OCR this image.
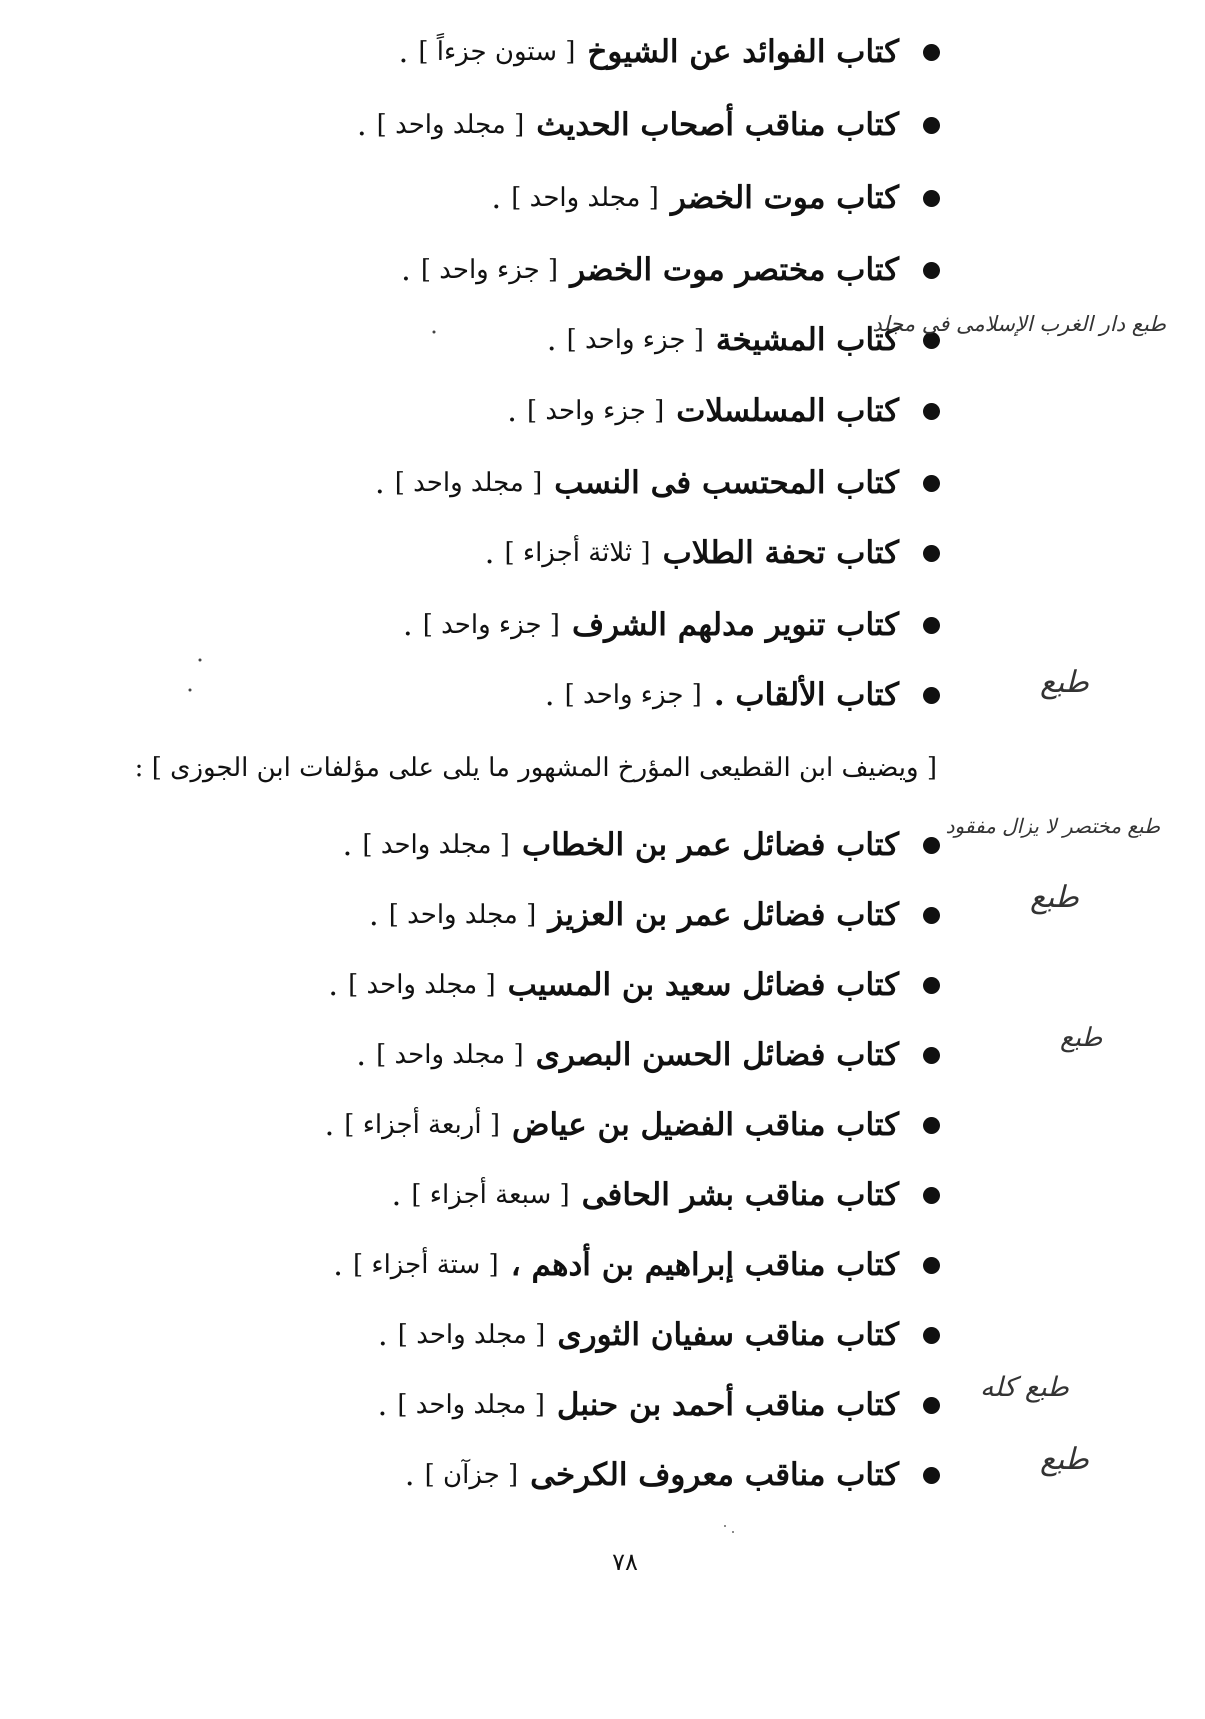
كتاب الفوائد عن الشيوخ
[ ستون جزءاً ]
.
كتاب مناقب أصحاب الحديث
[ مجلد واحد ]
.
كتاب موت الخضر
[ مجلد واحد ]
.
كتاب مختصر موت الخضر
[ جزء واحد ]
.
كتاب المشيخة
[ جزء واحد ]
.
كتاب المسلسلات
[ جزء واحد ]
.
كتاب المحتسب فى النسب
[ مجلد واحد ]
.
كتاب تحفة الطلاب
[ ثلاثة أجزاء ]
.
كتاب تنوير مدلهم الشرف
[ جزء واحد ]
.
كتاب الألقاب .
[ جزء واحد ]
.
[ ويضيف ابن القطيعى المؤرخ المشهور ما يلى على مؤلفات ابن الجوزى ] :
كتاب فضائل عمر بن الخطاب
[ مجلد واحد ]
.
كتاب فضائل عمر بن العزيز
[ مجلد واحد ]
.
كتاب فضائل سعيد بن المسيب
[ مجلد واحد ]
.
كتاب فضائل الحسن البصرى
[ مجلد واحد ]
.
كتاب مناقب الفضيل بن عياض
[ أربعة أجزاء ]
.
كتاب مناقب بشر الحافى
[ سبعة أجزاء ]
.
كتاب مناقب إبراهيم بن أدهم ،
[ ستة أجزاء ]
.
كتاب مناقب سفيان الثورى
[ مجلد واحد ]
.
كتاب مناقب أحمد بن حنبل
[ مجلد واحد ]
.
كتاب مناقب معروف الكرخى
[ جزآن ]
.
طبع دار الغرب الإسلامى فى مجلد
طبع
طبع مختصر لا يزال مفقود
طبع
طبع
طبع كله
طبع
٧٨
